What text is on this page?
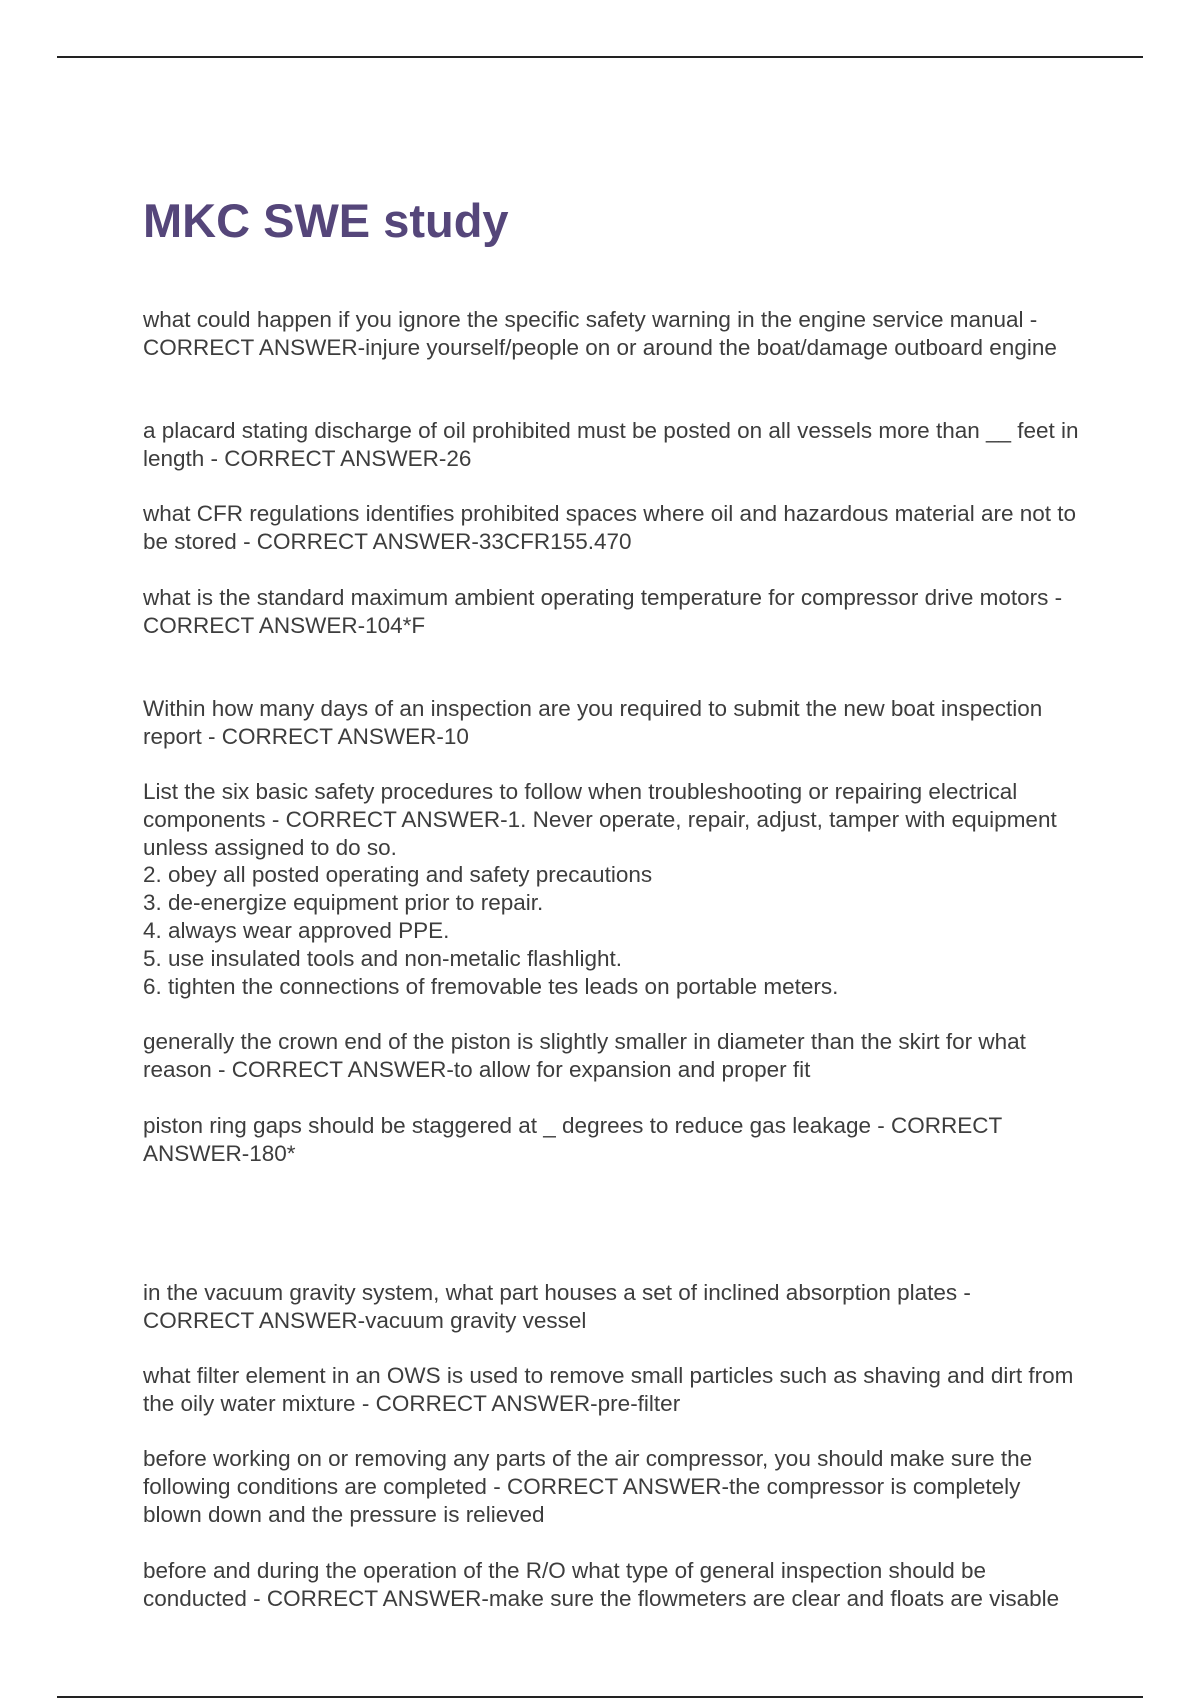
MKC SWE study

what could happen if you ignore the specific safety warning in the engine service manual - CORRECT ANSWER-injure yourself/people on or around the boat/damage outboard engine

a placard stating discharge of oil prohibited must be posted on all vessels more than __ feet in length - CORRECT ANSWER-26

what CFR regulations identifies prohibited spaces where oil and hazardous material are not to be stored - CORRECT ANSWER-33CFR155.470

what is the standard maximum ambient operating temperature for compressor drive motors - CORRECT ANSWER-104*F

Within how many days of an inspection are you required to submit the new boat inspection report - CORRECT ANSWER-10

List the six basic safety procedures to follow when troubleshooting or repairing electrical components - CORRECT ANSWER-1. Never operate, repair, adjust, tamper with equipment unless assigned to do so.
2. obey all posted operating and safety precautions
3. de-energize equipment prior to repair.
4. always wear approved PPE.
5. use insulated tools and non-metalic flashlight.
6. tighten the connections of fremovable tes leads on portable meters.

generally the crown end of the piston is slightly smaller in diameter than the skirt for what reason - CORRECT ANSWER-to allow for expansion and proper fit

piston ring gaps should be staggered at _ degrees to reduce gas leakage - CORRECT ANSWER-180*

in the vacuum gravity system, what part houses a set of inclined absorption plates - CORRECT ANSWER-vacuum gravity vessel

what filter element in an OWS is used to remove small particles such as shaving and dirt from the oily water mixture - CORRECT ANSWER-pre-filter

before working on or removing any parts of the air compressor, you should make sure the following conditions are completed - CORRECT ANSWER-the compressor is completely blown down and the pressure is relieved

before and during the operation of the R/O what type of general inspection should be conducted - CORRECT ANSWER-make sure the flowmeters are clear and floats are visable
